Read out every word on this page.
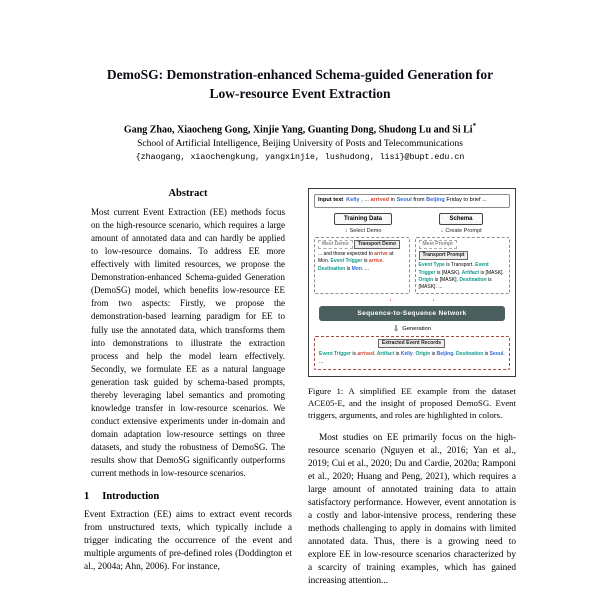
DemoSG: Demonstration-enhanced Schema-guided Generation for Low-resource Event Extraction
Gang Zhao, Xiaocheng Gong, Xinjie Yang, Guanting Dong, Shudong Lu and Si Li*
School of Artificial Intelligence, Beijing University of Posts and Telecommunications
{zhaogang, xiaochengkung, yangxinjie, lushudong, lisi}@bupt.edu.cn
Abstract
Most current Event Extraction (EE) methods focus on the high-resource scenario, which requires a large amount of annotated data and can hardly be applied to low-resource domains. To address EE more effectively with limited resources, we propose the Demonstration-enhanced Schema-guided Generation (DemoSG) model, which benefits low-resource EE from two aspects: Firstly, we propose the demonstration-based learning paradigm for EE to fully use the annotated data, which transforms them into demonstrations to illustrate the extraction process and help the model learn effectively. Secondly, we formulate EE as a natural language generation task guided by schema-based prompts, thereby leveraging label semantics and promoting knowledge transfer in low-resource scenarios. We conduct extensive experiments under in-domain and domain adaptation low-resource settings on three datasets, and study the robustness of DemoSG. The results show that DemoSG significantly outperforms current methods in low-resource scenarios.
1 Introduction
Event Extraction (EE) aims to extract event records from unstructured texts, which typically include a trigger indicating the occurrence of the event and multiple arguments of pre-defined roles (Doddington et al., 2004a; Ahn, 2006). For instance,
Input text Kelly , ... arrived in Seoul from Beijing Friday to brief ...
Training Data	Schema
↓ Select Demo	↓ Create Prompt
Meet Demo Transport Demo
... and those expected to arrive at Mon. Event Trigger is arrive. Destination is Mon. ...
Meet PromptTransport Prompt
Event Type is Transport. Event Trigger is [MASK]. Artifact is [MASK]. Origin is [MASK]. Destination is [MASK]. ...
↓	↓
Sequence-to-Sequence Network
⇩ Generation
Extracted Event Records
Event Trigger is arrived. Artifact is Kelly. Origin is Beijing. Destination is Seoul. ...
Figure 1: A simplified EE example from the dataset ACE05-E, and the insight of proposed DemoSG. Event triggers, arguments, and roles are highlighted in colors.
Most studies on EE primarily focus on the high-resource scenario (Nguyen et al., 2016; Yan et al., 2019; Cui et al., 2020; Du and Cardie, 2020a; Ramponi et al., 2020; Huang and Peng, 2021), which requires a large amount of annotated training data to attain satisfactory performance. However, event annotation is a costly and labor-intensive process, rendering these methods challenging to apply in domains with limited annotated data. Thus, there is a growing need to explore EE in low-resource scenarios characterized by a scarcity of training examples, which has gained increasing attention...
